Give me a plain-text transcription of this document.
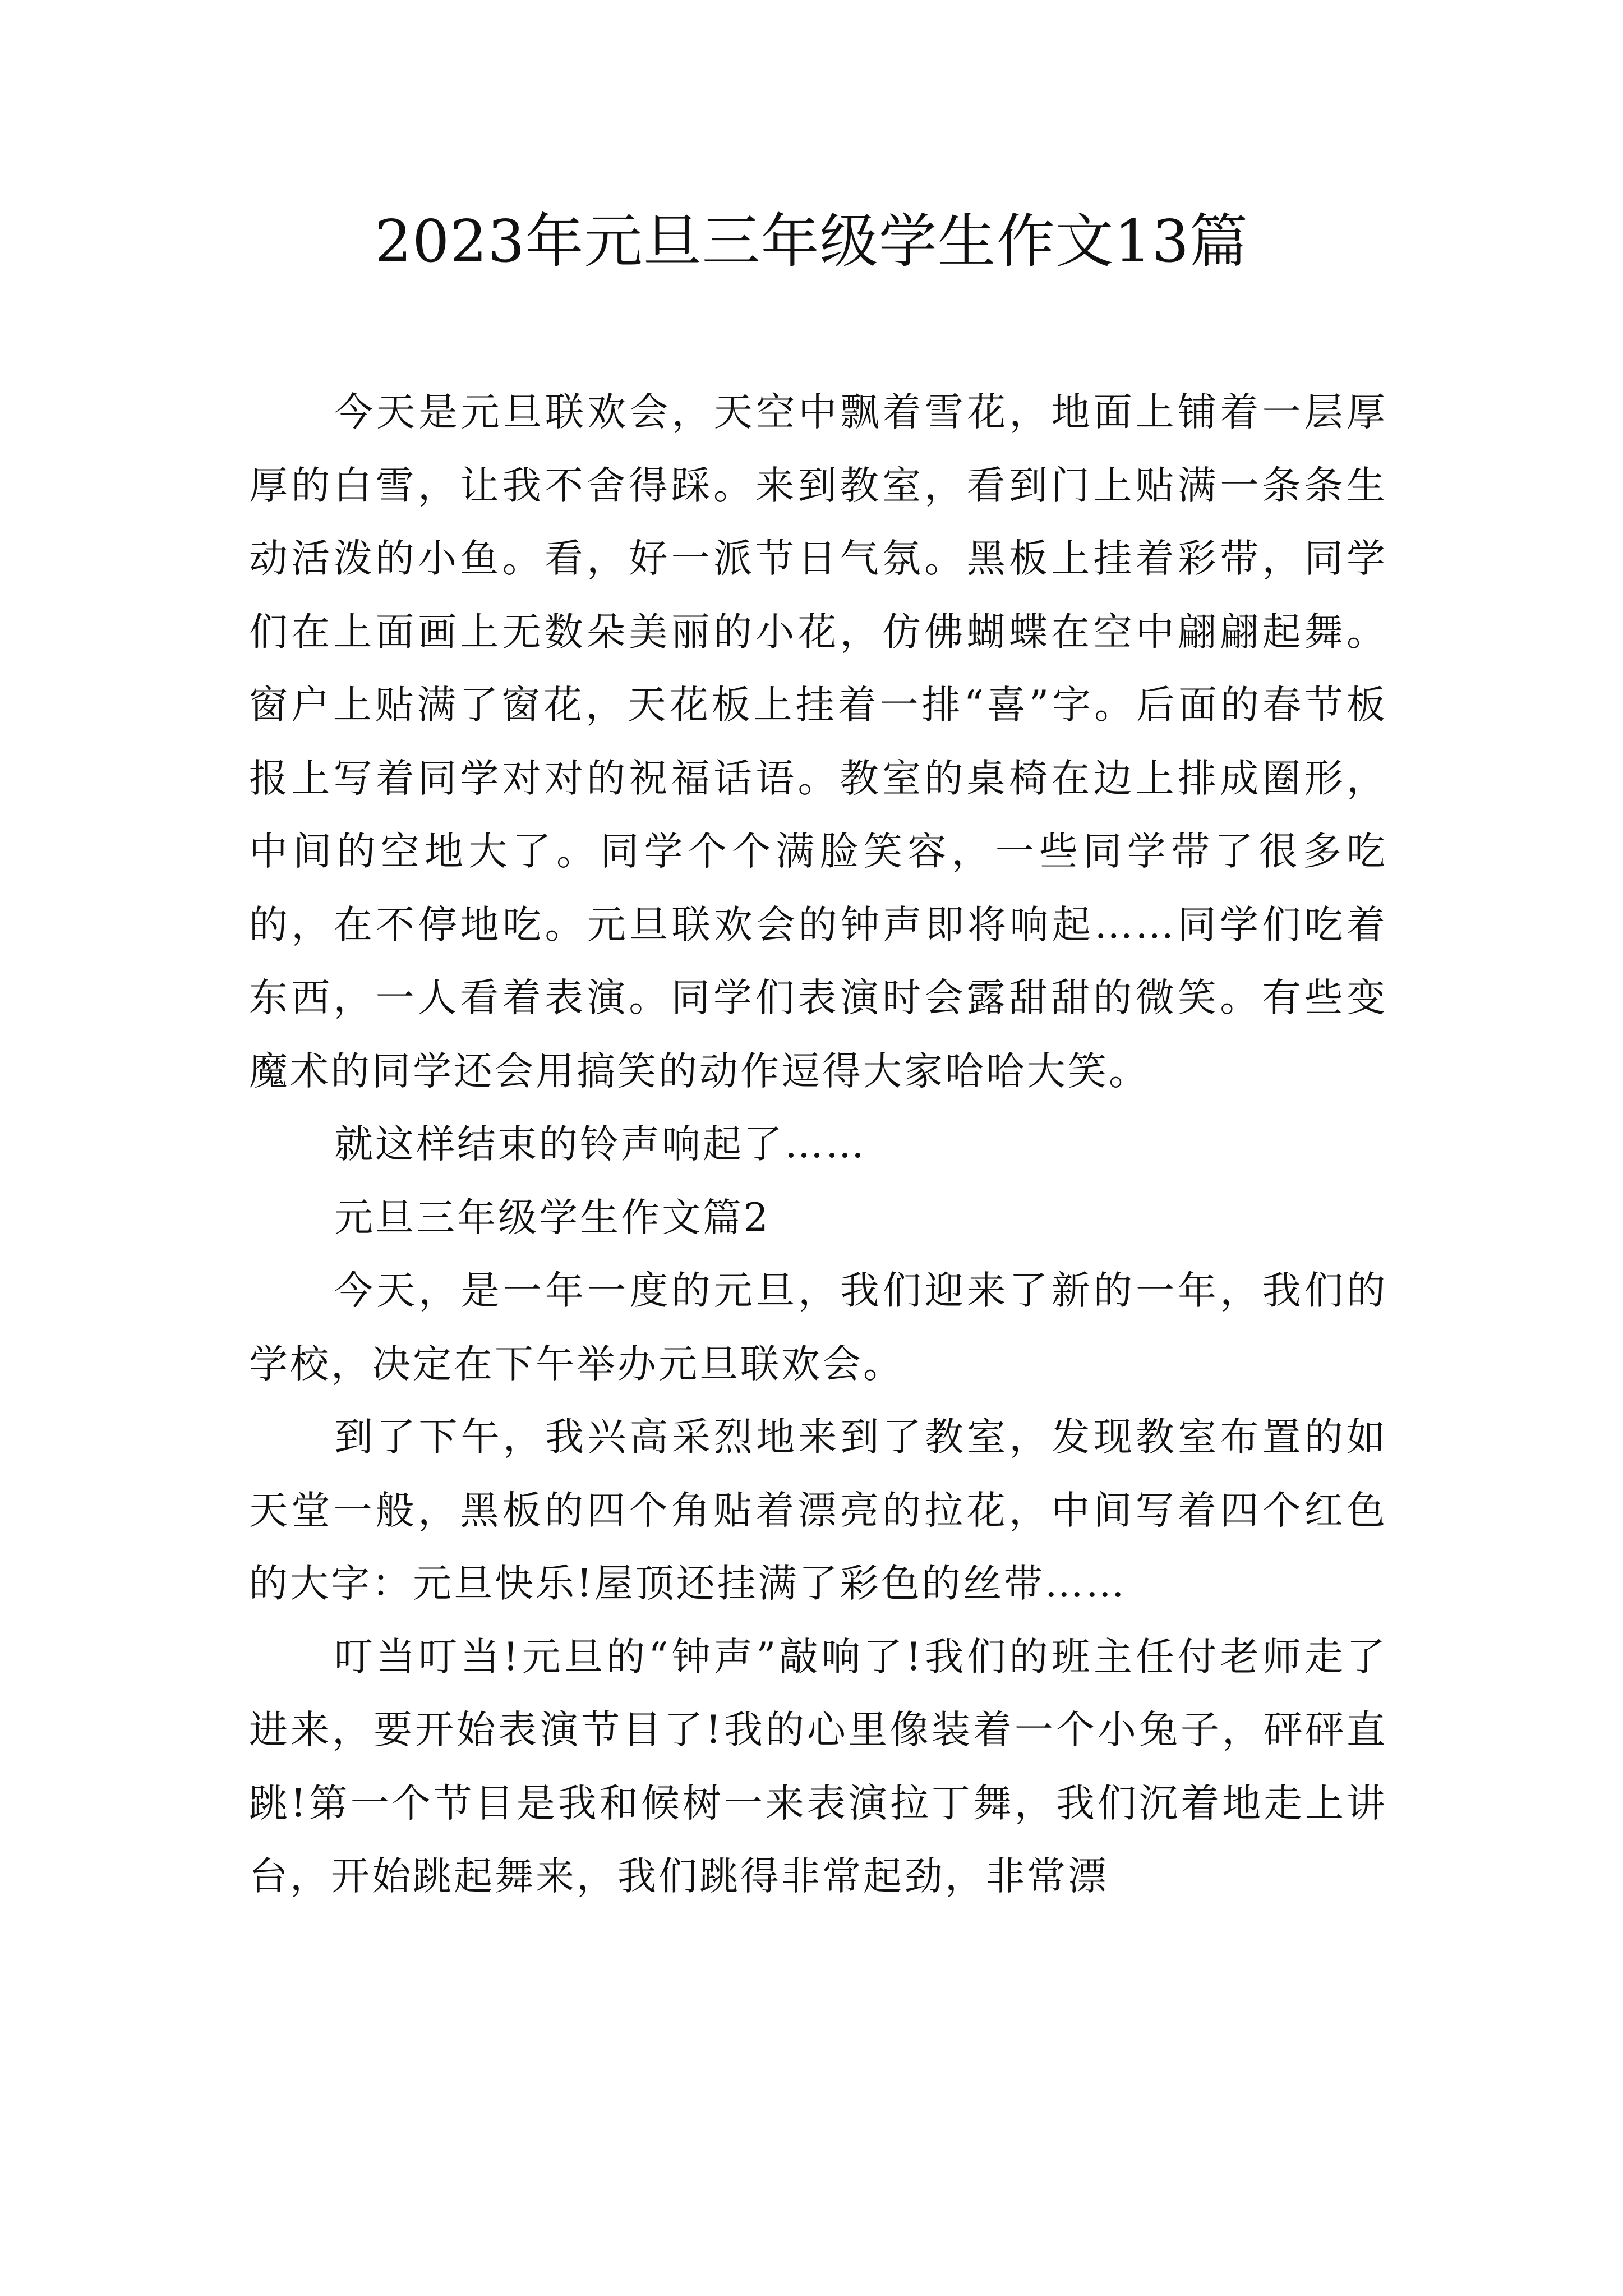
2023年元旦三年级学生作文13篇

今天是元旦联欢会，天空中飘着雪花，地面上铺着一层厚厚的白雪，让我不舍得踩。来到教室，看到门上贴满一条条生动活泼的小鱼。看，好一派节日气氛。黑板上挂着彩带，同学们在上面画上无数朵美丽的小花，仿佛蝴蝶在空中翩翩起舞。窗户上贴满了窗花，天花板上挂着一排“喜”字。后面的春节板报上写着同学对对的祝福话语。教室的桌椅在边上排成圈形，中间的空地大了。同学个个满脸笑容，一些同学带了很多吃的，在不停地吃。元旦联欢会的钟声即将响起……同学们吃着东西，一人看着表演。同学们表演时会露甜甜的微笑。有些变魔术的同学还会用搞笑的动作逗得大家哈哈大笑。

就这样结束的铃声响起了……

元旦三年级学生作文篇2

今天，是一年一度的元旦，我们迎来了新的一年，我们的学校，决定在下午举办元旦联欢会。

到了下午，我兴高采烈地来到了教室，发现教室布置的如天堂一般，黑板的四个角贴着漂亮的拉花，中间写着四个红色的大字：元旦快乐!屋顶还挂满了彩色的丝带……

叮当叮当!元旦的“钟声”敲响了!我们的班主任付老师走了进来，要开始表演节目了!我的心里像装着一个小兔子，砰砰直跳!第一个节目是我和候树一来表演拉丁舞，我们沉着地走上讲台，开始跳起舞来，我们跳得非常起劲，非常漂
